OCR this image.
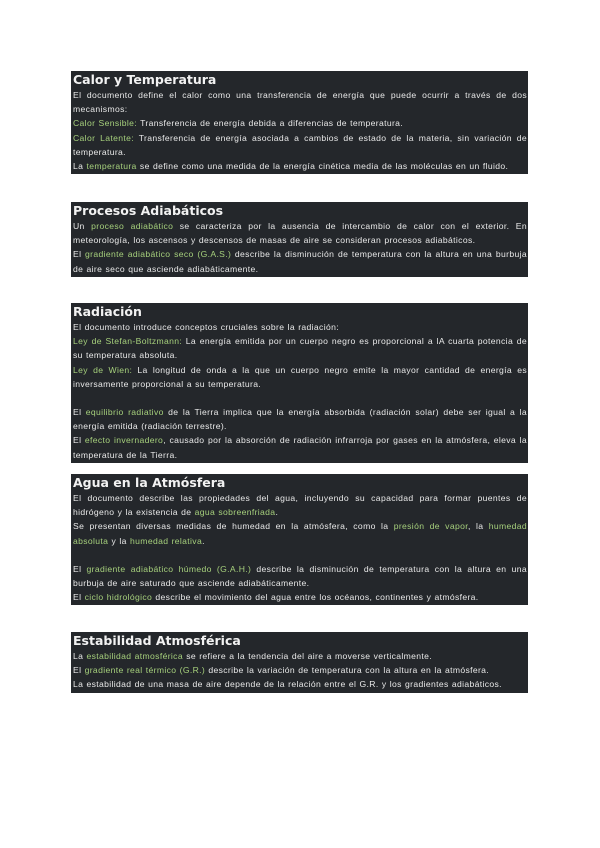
Calor y Temperatura

El documento define el calor como una transferencia de energía que puede ocurrir a través de dos mecanismos:

Calor Sensible: Transferencia de energía debida a diferencias de temperatura.

Calor Latente: Transferencia de energía asociada a cambios de estado de la materia, sin variación de temperatura.

La temperatura se define como una medida de la energía cinética media de las moléculas en un fluido.

Procesos Adiabáticos

Un proceso adiabático se caracteriza por la ausencia de intercambio de calor con el exterior. En meteorología, los ascensos y descensos de masas de aire se consideran procesos adiabáticos.

El gradiente adiabático seco (G.A.S.) describe la disminución de temperatura con la altura en una burbuja de aire seco que asciende adiabáticamente.

Radiación

El documento introduce conceptos cruciales sobre la radiación:

Ley de Stefan-Boltzmann: La energía emitida por un cuerpo negro es proporcional a lA cuarta potencia de su temperatura absoluta.

Ley de Wien: La longitud de onda a la que un cuerpo negro emite la mayor cantidad de energía es inversamente proporcional a su temperatura.

El equilibrio radiativo de la Tierra implica que la energía absorbida (radiación solar) debe ser igual a la energía emitida (radiación terrestre).

El efecto invernadero, causado por la absorción de radiación infrarroja por gases en la atmósfera, eleva la temperatura de la Tierra.

Agua en la Atmósfera

El documento describe las propiedades del agua, incluyendo su capacidad para formar puentes de hidrógeno y la existencia de agua sobreenfriada.

Se presentan diversas medidas de humedad en la atmósfera, como la presión de vapor, la humedad absoluta y la humedad relativa.

El gradiente adiabático húmedo (G.A.H.) describe la disminución de temperatura con la altura en una burbuja de aire saturado que asciende adiabáticamente.

El ciclo hidrológico describe el movimiento del agua entre los océanos, continentes y atmósfera.

Estabilidad Atmosférica

La estabilidad atmosférica se refiere a la tendencia del aire a moverse verticalmente.

El gradiente real térmico (G.R.) describe la variación de temperatura con la altura en la atmósfera.

La estabilidad de una masa de aire depende de la relación entre el G.R. y los gradientes adiabáticos.
